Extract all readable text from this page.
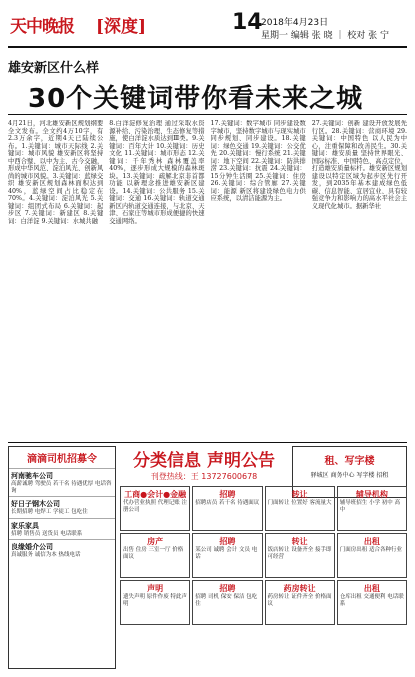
天中晚报 [深度]	14
2018年4月23日
星期一 编辑 张 晓 ｜ 校对 张 宁
雄安新区什么样
30个关键词带你看未来之城

4月21日，河北雄安新区规划纲要全文发布。全文约4万10字，有2.3万余字，近期4天已陆续公布。1.关键词：城市天际线 2.关键词：城市风貌 雄安新区将坚持中西合璧、以中为主、古今交融，形成中华风范、淀泊风光、创新风尚的城市风貌。3.关键词：蓝绿交织 雄安新区规划森林面积达到40%，蓝绿空间占比稳定在70%。4.关键词：淀泊风光 5.关键词：组团式布局 6.关键词：起步区 7.关键词：新建区 8.关键词：白洋淀 9.关键词：水城共融

8.白洋淀修复治理 通过采取水资源补给、污染治理、生态修复等措施，使白洋淀水质达到Ⅲ类。9.关键词：百年大计 10.关键词：历史文化 11.关键词：城市形态 12.关键词：千年秀林 森林覆盖率40%，逐步形成大规模的森林斑块。13.关键词：疏解北京非首都功能 以新理念推进雄安新区建设。14.关键词：公共服务 15.关键词：交通 16.关键词：轨道交通 新区内轨道交通连接，与北京、天津、石家庄等城市形成便捷的快速交通网络。

17.关键词：数字城市 同步建设数字城市，坚持数字城市与现实城市同步规划、同步建设。18.关键词：绿色交通 19.关键词：公交优先 20.关键词：慢行系统 21.关键词：地下空间 22.关键词：防洪排涝 23.关键词：抗震 24.关键词：15分钟生活圈 25.关键词：住房 26.关键词：综合管廊 27.关键词：能源 新区将建设绿色电力供应系统，以清洁能源为主。

27.关键词：创新 建设开放发展先行区。28.关键词：营商环境 29.关键词：中国特色 以人民为中心，注重保障和改善民生。30.关键词：雄安质量 坚持世界眼光、国际标准、中国特色、高点定位，打造雄安质量标杆。雄安新区规划建设以特定区域为起步区先行开发，到2035年基本建成绿色低碳、信息智能、宜居宜业、具有较强竞争力和影响力的高水平社会主义现代化城市。据新华社

滴滴司机招募令
河南驰车公司
高薪诚聘 驾驶员 若干名 待遇优厚 电话咨询
好日子钢木公司
长期招聘 电焊工 学徒工 包吃住
家乐家具
招聘 销售员 送货员 电话联系
良缘婚介公司
真诚服务 诚信为本 热线电话
分类信息 声明公告
刊登热线：王 13727600678
租、写字楼
驿城区 商务中心 写字楼 招租
工商●会计●金融
代办营业执照 代理记账 注册公司
招聘
招聘店员 若干名 待遇面议
转让
门面转让 位置好 客流量大
辅导机构
辅导班招生 小学 初中 高中
房产
出售 住房 三室一厅 价格面议
招聘
某公司 诚聘 会计 文员 电话
转让
饭店转让 设备齐全 接手即可经营
出租
门面房出租 适合各种行业
声明
遗失声明 原件作废 特此声明
招聘
招聘 司机 保安 保洁 包吃住
药房转让
药房转让 证件齐全 价格面议
出租
仓库出租 交通便利 电话联系
